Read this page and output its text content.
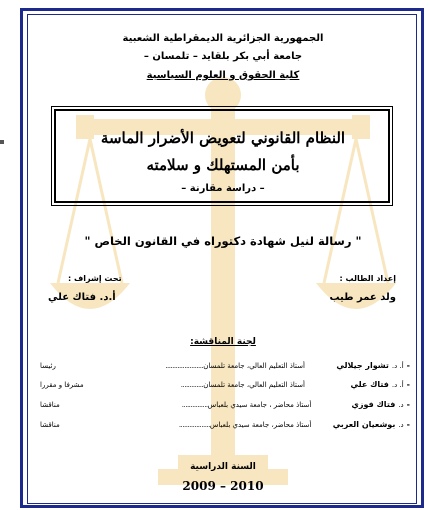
الجمهورية الجزائرية الديمقراطية الشعبية
جامعة أبي بكر بلقايد – تلمسان –
كلية الحقوق و العلوم السياسية
النظام القانوني لتعويض الأضرار الماسة
بأمن المستهلك و سلامته
– دراسة مقارنة –
" رسالة لنيل شهادة دكتوراه في القانون الخاص "
إعداد الطالب :
ولد عمر طيب
تحت إشراف :
أ.د. فتاك علي
لجنة المناقشة:
-
أ. د.
تشوار جيلالي
أستاذ التعليم العالي، جامعة تلمسان
......................
رئيسا
-
أ. د.
فتاك علي
أستاذ التعليم العالي، جامعة تلمسان
.............
مشرفا و مقررا
-
د.
فتاك فوزي
أستاذ محاضر ، جامعة سيدي بلعباس
...............
مناقشا
-
د.
بوشعيان العربي
أستاذ محاضر، جامعة سيدي بلعباس
..................
مناقشا
السنة الدراسية
2009 – 2010
